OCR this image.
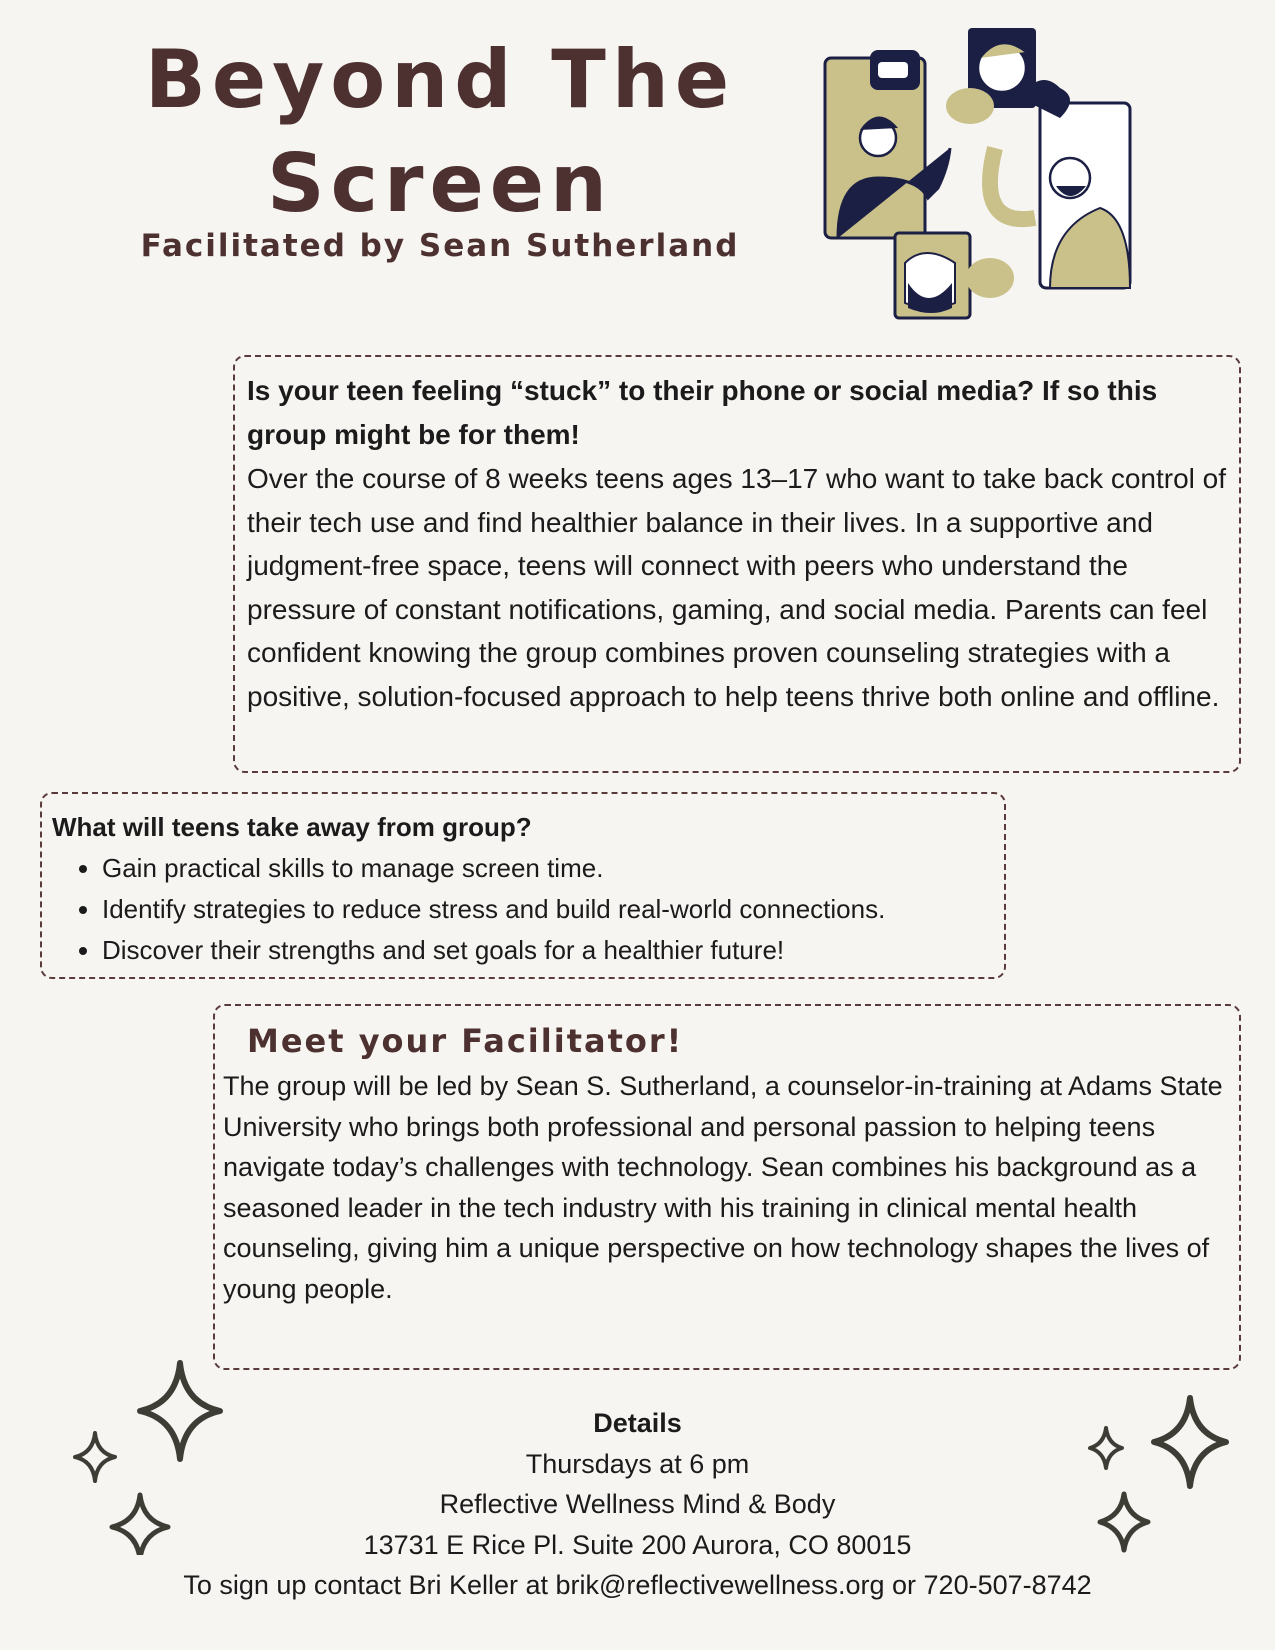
Beyond The
Screen

Facilitated by Sean Sutherland

Is your teen feeling “stuck” to their phone or social media? If so this group might be for them!

Over the course of 8 weeks teens ages 13–17 who want to take back control of their tech use and find healthier balance in their lives. In a supportive and judgment-free space, teens will connect with peers who understand the pressure of constant notifications, gaming, and social media. Parents can feel confident knowing the group combines proven counseling strategies with a positive, solution-focused approach to help teens thrive both online and offline.

What will teens take away from group?
• Gain practical skills to manage screen time.
• Identify strategies to reduce stress and build real-world connections.
• Discover their strengths and set goals for a healthier future!
Meet your Facilitator!

The group will be led by Sean S. Sutherland, a counselor-in-training at Adams State University who brings both professional and personal passion to helping teens navigate today’s challenges with technology. Sean combines his background as a seasoned leader in the tech industry with his training in clinical mental health counseling, giving him a unique perspective on how technology shapes the lives of young people.

Details
Thursdays at 6 pm
Reflective Wellness Mind & Body
13731 E Rice Pl. Suite 200 Aurora, CO 80015
To sign up contact Bri Keller at brik@reflectivewellness.org or 720-507-8742
